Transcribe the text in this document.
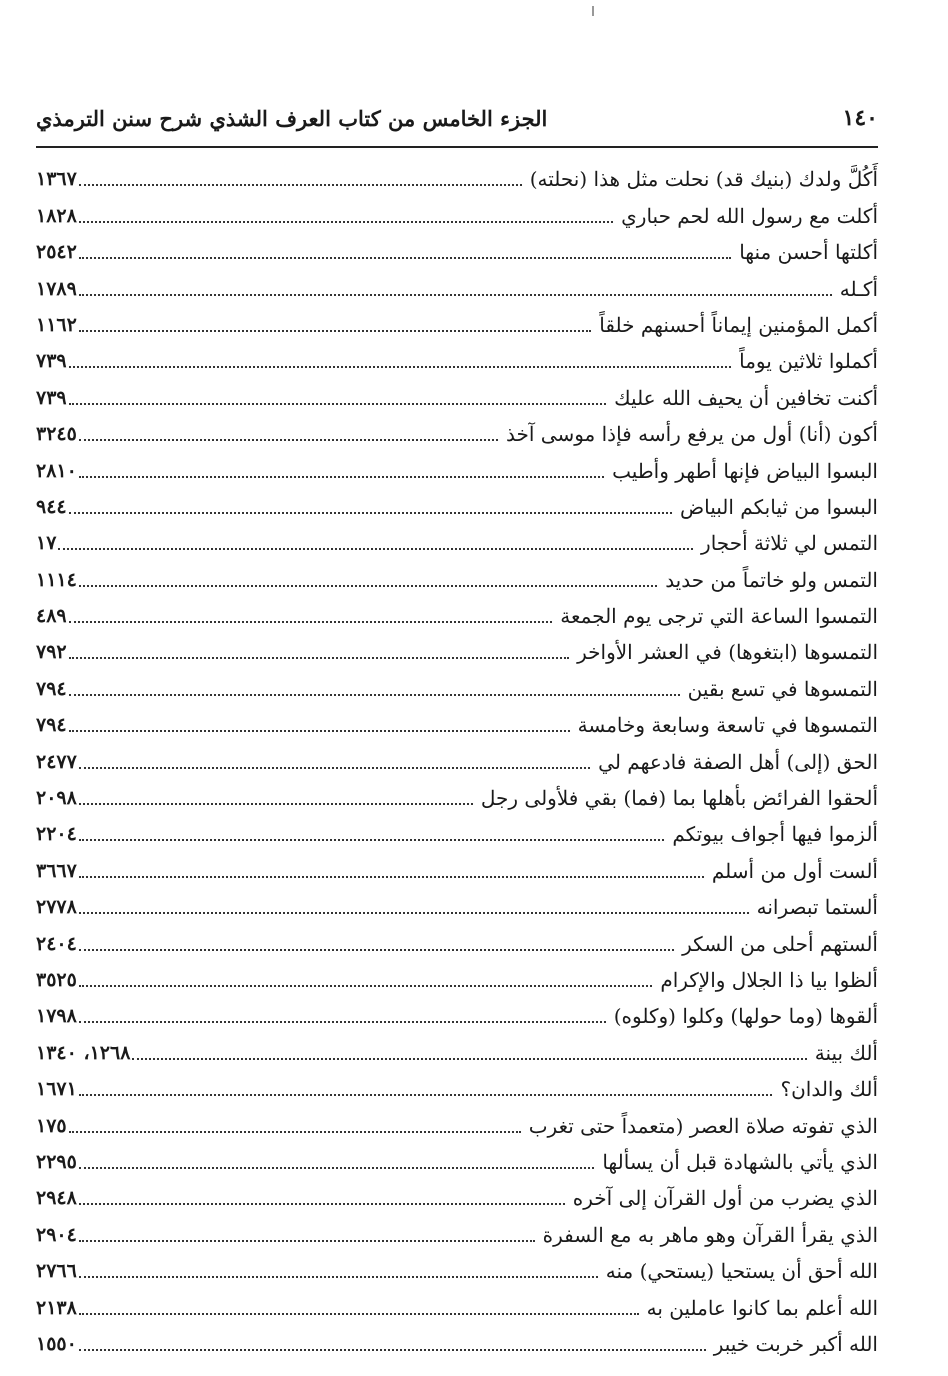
١٤٠
الجزء الخامس من كتاب العرف الشذي شرح سنن الترمذي
أَكُلَّ ولدك (بنيك قد) نحلت مثل هذا (نحلته)
١٣٦٧
أكلت مع رسول الله لحم حباري
١٨٢٨
أكلتها أحسن منها
٢٥٤٢
أكـله
١٧٨٩
أكمل المؤمنين إيماناً أحسنهم خلقاً
١١٦٢
أكملوا ثلاثين يوماً
٧٣٩
أكنت تخافين أن يحيف الله عليك
٧٣٩
أكون (أنا) أول من يرفع رأسه فإذا موسى آخذ
٣٢٤٥
البسوا البياض فإنها أطهر وأطيب
٢٨١٠
البسوا من ثيابكم البياض
٩٤٤
التمس لي ثلاثة أحجار
١٧
التمس ولو خاتماً من حديد
١١١٤
التمسوا الساعة التي ترجى يوم الجمعة
٤٨٩
التمسوها (ابتغوها) في العشر الأواخر
٧٩٢
التمسوها في تسع بقين
٧٩٤
التمسوها في تاسعة وسابعة وخامسة
٧٩٤
الحق (إلى) أهل الصفة فادعهم لي
٢٤٧٧
ألحقوا الفرائض بأهلها بما (فما) بقي فلأولى رجل
٢٠٩٨
ألزموا فيها أجواف بيوتكم
٢٢٠٤
ألست أول من أسلم
٣٦٦٧
ألستما تبصرانه
٢٧٧٨
ألستهم أحلى من السكر
٢٤٠٤
ألظوا بيا ذا الجلال والإكرام
٣٥٢٥
ألقوها (وما حولها) وكلوا (وكلوه)
١٧٩٨
ألك بينة
١٢٦٨، ١٣٤٠
ألك والدان؟
١٦٧١
الذي تفوته صلاة العصر (متعمداً حتى تغرب
١٧٥
الذي يأتي بالشهادة قبل أن يسألها
٢٢٩٥
الذي يضرب من أول القرآن إلى آخره
٢٩٤٨
الذي يقرأ القرآن وهو ماهر به مع السفرة
٢٩٠٤
الله أحق أن يستحيا (يستحي) منه
٢٧٦٦
الله أعلم بما كانوا عاملين به
٢١٣٨
الله أكبر خربت خيبر
١٥٥٠
